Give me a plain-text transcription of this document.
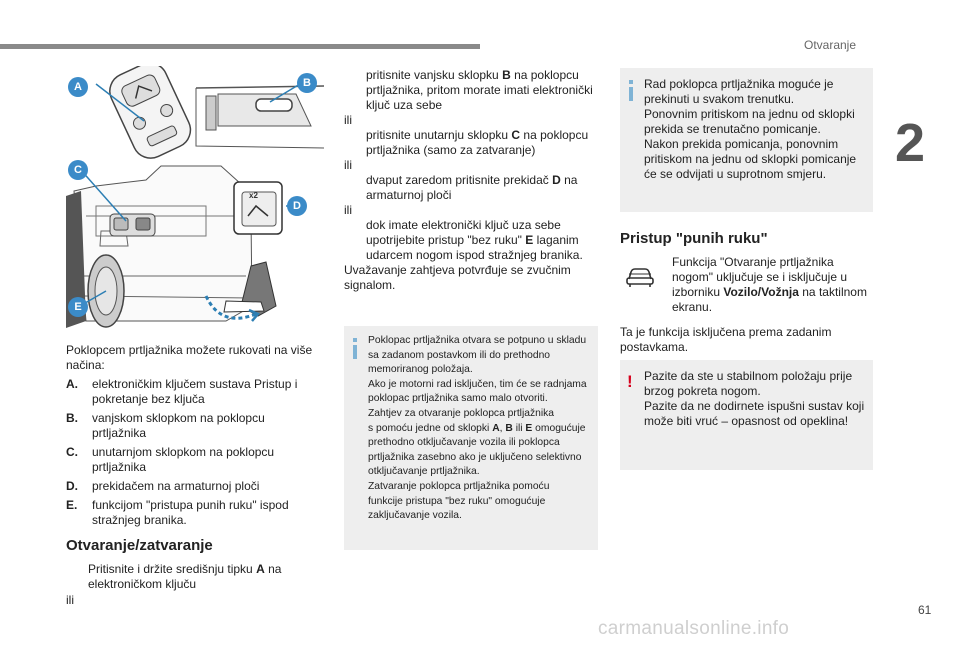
Otvaranje
2
A	B
C
D
E
x2
Poklopcem prtljažnika možete rukovati na više načina:
A.	elektroničkim ključem sustava Pristup i pokretanje bez ključa
B.	vanjskom sklopkom na poklopcu prtljažnika
C.	unutarnjom sklopkom na poklopcu prtljažnika
D.	prekidačem na armaturnoj ploči
E.	funkcijom "pristupa punih ruku" ispod stražnjeg branika.
Otvaranje/zatvaranje
Pritisnite i držite središnju tipku A na elektroničkom ključu
ili
pritisnite vanjsku sklopku B na poklopcu prtljažnika, pritom morate imati elektronički ključ uza sebe
ili
pritisnite unutarnju sklopku C na poklopcu prtljažnika (samo za zatvaranje)
ili
dvaput zaredom pritisnite prekidač D na armaturnoj ploči
ili
dok imate elektronički ključ uza sebe upotrijebite pristup "bez ruku" E laganim udarcem nogom ispod stražnjeg branika.
Uvažavanje zahtjeva potvrđuje se zvučnim signalom.
Poklopac prtljažnika otvara se potpuno u skladu
sa zadanom postavkom ili do prethodno
memoriranog položaja.
Ako je motorni rad isključen, tim će se radnjama
poklopac prtljažnika samo malo otvoriti.
Zahtjev za otvaranje poklopca prtljažnika
s pomoću jedne od sklopki A, B ili E omogućuje
prethodno otključavanje vozila ili poklopca
prtljažnika zasebno ako je uključeno selektivno
otključavanje prtljažnika.
Zatvaranje poklopca prtljažnika pomoću
funkcije pristupa "bez ruku" omogućuje
zaključavanje vozila.
Rad poklopca prtljažnika moguće je prekinuti u svakom trenutku.
Ponovnim pritiskom na jednu od sklopki prekida se trenutačno pomicanje.
Nakon prekida pomicanja, ponovnim pritiskom na jednu od sklopki pomicanje će se odvijati u suprotnom smjeru.
Pristup "punih ruku"
Funkcija "Otvaranje prtljažnika nogom" uključuje se i isključuje u izborniku Vozilo/Vožnja na taktilnom ekranu.
Ta je funkcija isključena prema zadanim postavkama.
! Pazite da ste u stabilnom položaju prije brzog pokreta nogom.
Pazite da ne dodirnete ispušni sustav koji može biti vruć – opasnost od opeklina!
61
carmanualsonline.info
